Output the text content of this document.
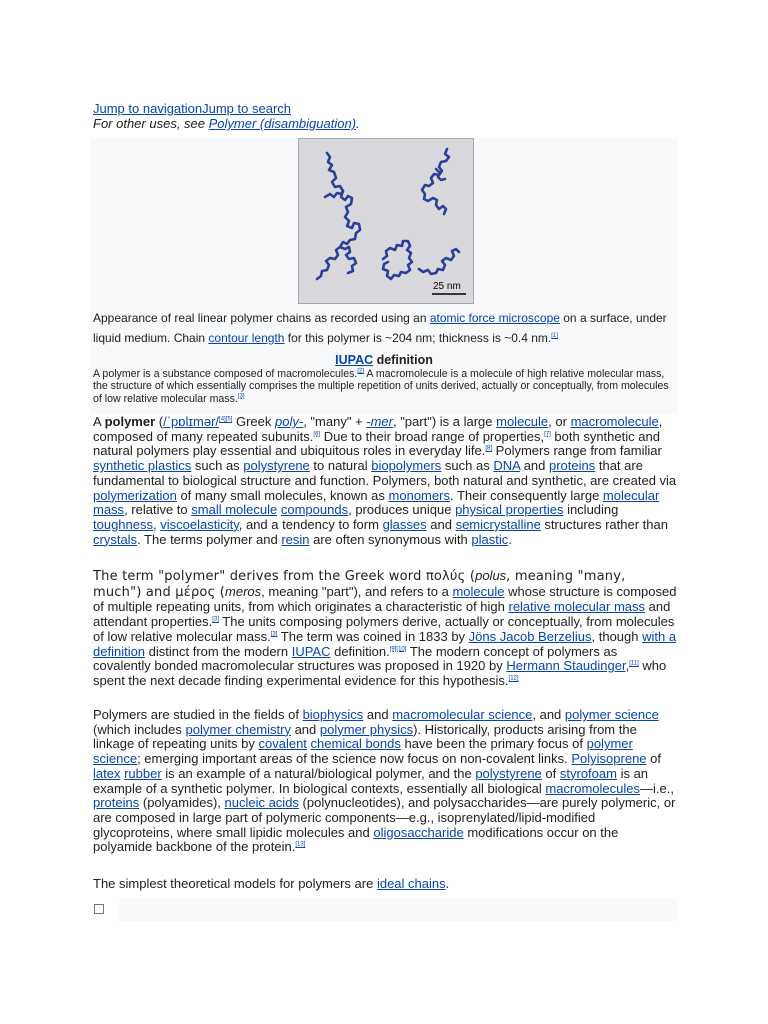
Jump to navigationJump to search
For other uses, see Polymer (disambiguation).
25 nm
Appearance of real linear polymer chains as recorded using an atomic force microscope on a surface, under liquid medium. Chain contour length for this polymer is ~204 nm; thickness is ~0.4 nm.[1]
IUPAC definition
A polymer is a substance composed of macromolecules.[2] A macromolecule is a molecule of high relative molecular mass, the structure of which essentially comprises the multiple repetition of units derived, actually or conceptually, from molecules of low relative molecular mass.[3]
A polymer (/ˈpɒlɪmər/[4][5] Greek poly-, "many" + -mer, "part") is a large molecule, or macromolecule, composed of many repeated subunits.[6] Due to their broad range of properties,[7] both synthetic and natural polymers play essential and ubiquitous roles in everyday life.[8] Polymers range from familiar synthetic plastics such as polystyrene to natural biopolymers such as DNA and proteins that are fundamental to biological structure and function. Polymers, both natural and synthetic, are created via polymerization of many small molecules, known as monomers. Their consequently large molecular mass, relative to small molecule compounds, produces unique physical properties including toughness, viscoelasticity, and a tendency to form glasses and semicrystalline structures rather than crystals. The terms polymer and resin are often synonymous with plastic.
The term "polymer" derives from the Greek word πολύς (polus, meaning "many, much") and μέρος (meros, meaning "part"), and refers to a molecule whose structure is composed of multiple repeating units, from which originates a characteristic of high relative molecular mass and attendant properties.[3] The units composing polymers derive, actually or conceptually, from molecules of low relative molecular mass.[3] The term was coined in 1833 by Jöns Jacob Berzelius, though with a definition distinct from the modern IUPAC definition.[9][10] The modern concept of polymers as covalently bonded macromolecular structures was proposed in 1920 by Hermann Staudinger,[11] who spent the next decade finding experimental evidence for this hypothesis.[12]
Polymers are studied in the fields of biophysics and macromolecular science, and polymer science (which includes polymer chemistry and polymer physics). Historically, products arising from the linkage of repeating units by covalent chemical bonds have been the primary focus of polymer science; emerging important areas of the science now focus on non-covalent links. Polyisoprene of latex rubber is an example of a natural/biological polymer, and the polystyrene of styrofoam is an example of a synthetic polymer. In biological contexts, essentially all biological macromolecules—i.e., proteins (polyamides), nucleic acids (polynucleotides), and polysaccharides—are purely polymeric, or are composed in large part of polymeric components—e.g., isoprenylated/lipid-modified glycoproteins, where small lipidic molecules and oligosaccharide modifications occur on the polyamide backbone of the protein.[13]
The simplest theoretical models for polymers are ideal chains.
